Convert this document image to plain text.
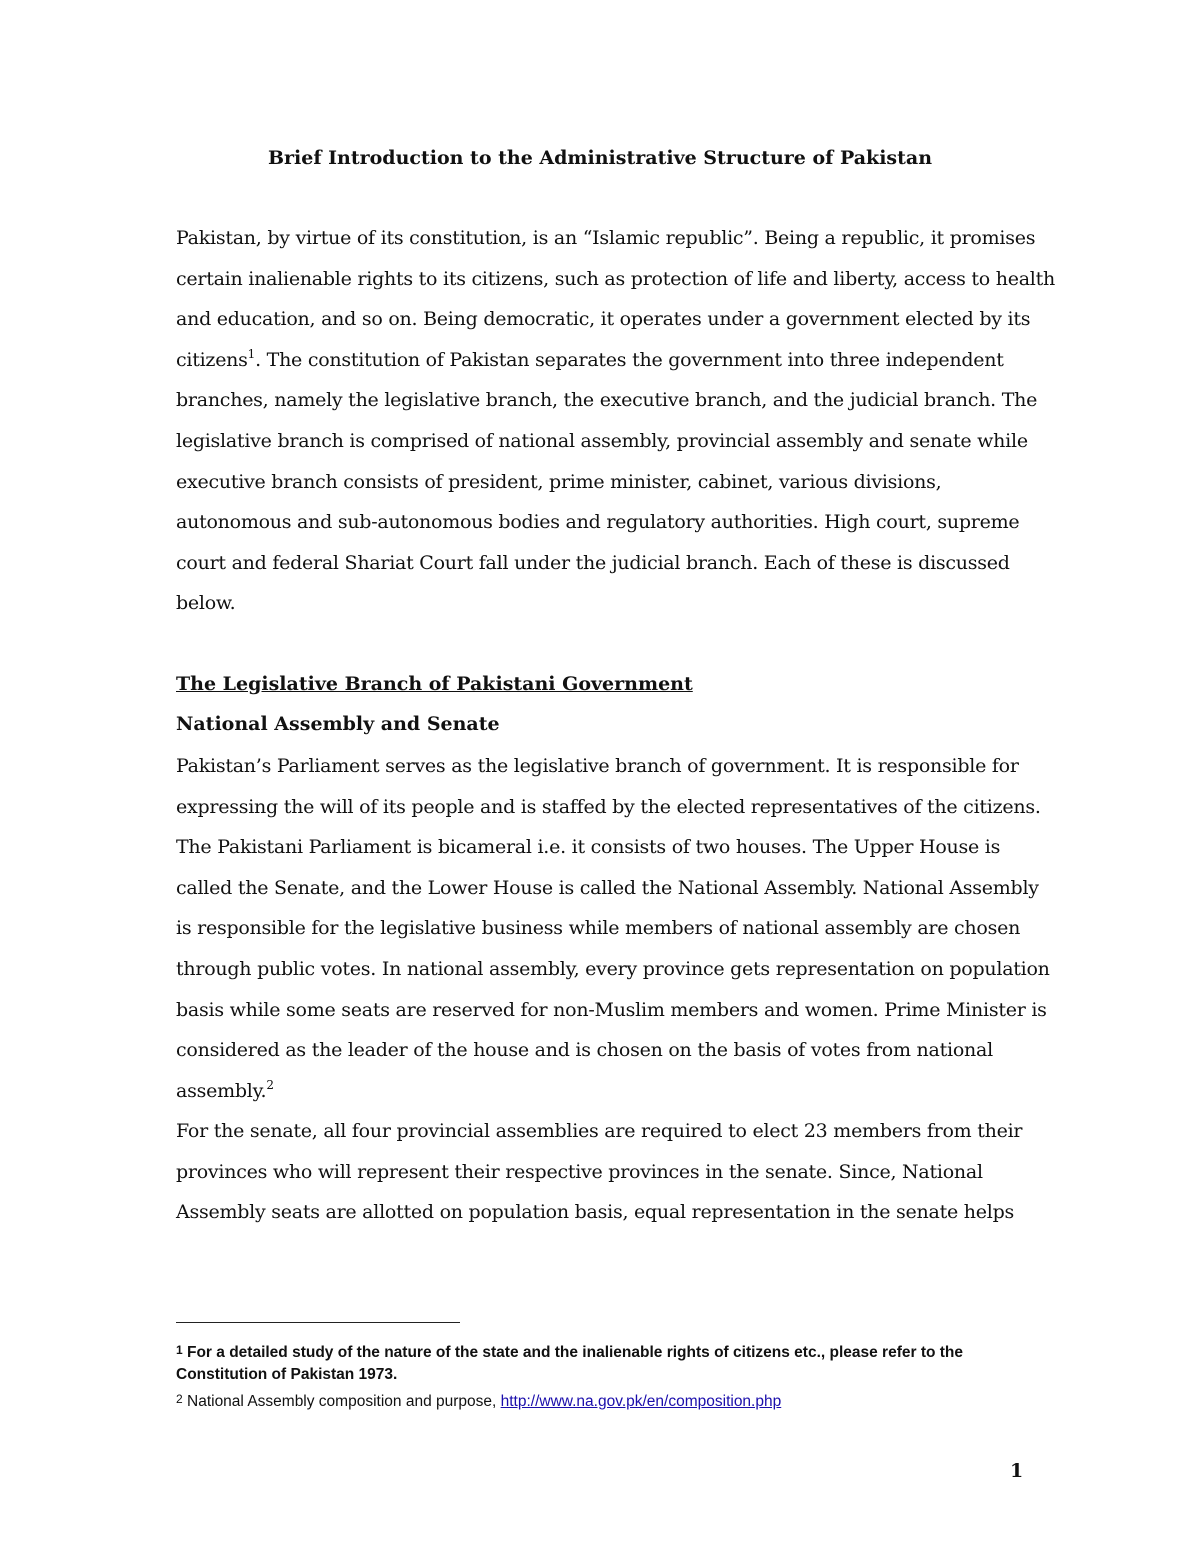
Brief Introduction to the Administrative Structure of Pakistan

Pakistan, by virtue of its constitution, is an “Islamic republic”. Being a republic, it promises certain inalienable rights to its citizens, such as protection of life and liberty, access to health and education, and so on. Being democratic, it operates under a government elected by its citizens$^1$. The constitution of Pakistan separates the government into three independent branches, namely the legislative branch, the executive branch, and the judicial branch. The legislative branch is comprised of national assembly, provincial assembly and senate while executive branch consists of president, prime minister, cabinet, various divisions, autonomous and sub-autonomous bodies and regulatory authorities. High court, supreme court and federal Shariat Court fall under the judicial branch. Each of these is discussed below.

The Legislative Branch of Pakistani Government
National Assembly and Senate

Pakistan’s Parliament serves as the legislative branch of government. It is responsible for expressing the will of its people and is staffed by the elected representatives of the citizens. The Pakistani Parliament is bicameral i.e. it consists of two houses. The Upper House is called the Senate, and the Lower House is called the National Assembly. National Assembly is responsible for the legislative business while members of national assembly are chosen through public votes. In national assembly, every province gets representation on population basis while some seats are reserved for non-Muslim members and women. Prime Minister is considered as the leader of the house and is chosen on the basis of votes from national assembly.$^2$

For the senate, all four provincial assemblies are required to elect 23 members from their provinces who will represent their respective provinces in the senate. Since, National Assembly seats are allotted on population basis, equal representation in the senate helps

1 For a detailed study of the nature of the state and the inalienable rights of citizens etc., please refer to the Constitution of Pakistan 1973.

2 National Assembly composition and purpose, http://www.na.gov.pk/en/composition.php

1
